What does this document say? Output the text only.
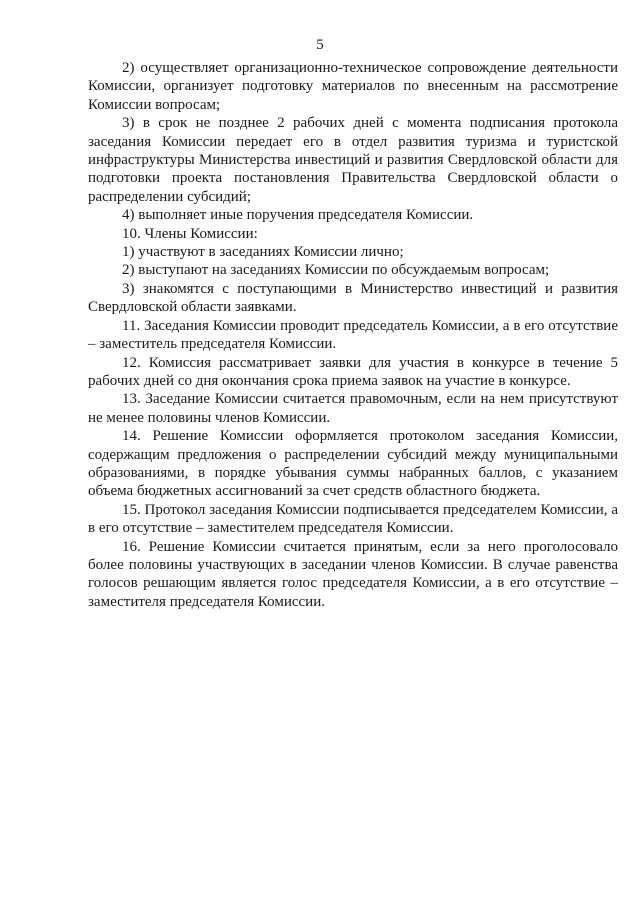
5

2) осуществляет организационно-техническое сопровождение деятельности Комиссии, организует подготовку материалов по внесенным на рассмотрение Комиссии вопросам;

3) в срок не позднее 2 рабочих дней с момента подписания протокола заседания Комиссии передает его в отдел развития туризма и туристской инфраструктуры Министерства инвестиций и развития Свердловской области для подготовки проекта постановления Правительства Свердловской области о распределении субсидий;

4) выполняет иные поручения председателя Комиссии.

10. Члены Комиссии:

1) участвуют в заседаниях Комиссии лично;

2) выступают на заседаниях Комиссии по обсуждаемым вопросам;

3) знакомятся с поступающими в Министерство инвестиций и развития Свердловской области заявками.

11. Заседания Комиссии проводит председатель Комиссии, а в его отсутствие – заместитель председателя Комиссии.

12. Комиссия рассматривает заявки для участия в конкурсе в течение 5 рабочих дней со дня окончания срока приема заявок на участие в конкурсе.

13. Заседание Комиссии считается правомочным, если на нем присутствуют не менее половины членов Комиссии.

14. Решение Комиссии оформляется протоколом заседания Комиссии, содержащим предложения о распределении субсидий между муниципальными образованиями, в порядке убывания суммы набранных баллов, с указанием объема бюджетных ассигнований за счет средств областного бюджета.

15. Протокол заседания Комиссии подписывается председателем Комиссии, а в его отсутствие – заместителем председателя Комиссии.

16. Решение Комиссии считается принятым, если за него проголосовало более половины участвующих в заседании членов Комиссии. В случае равенства голосов решающим является голос председателя Комиссии, а в его отсутствие – заместителя председателя Комиссии.
